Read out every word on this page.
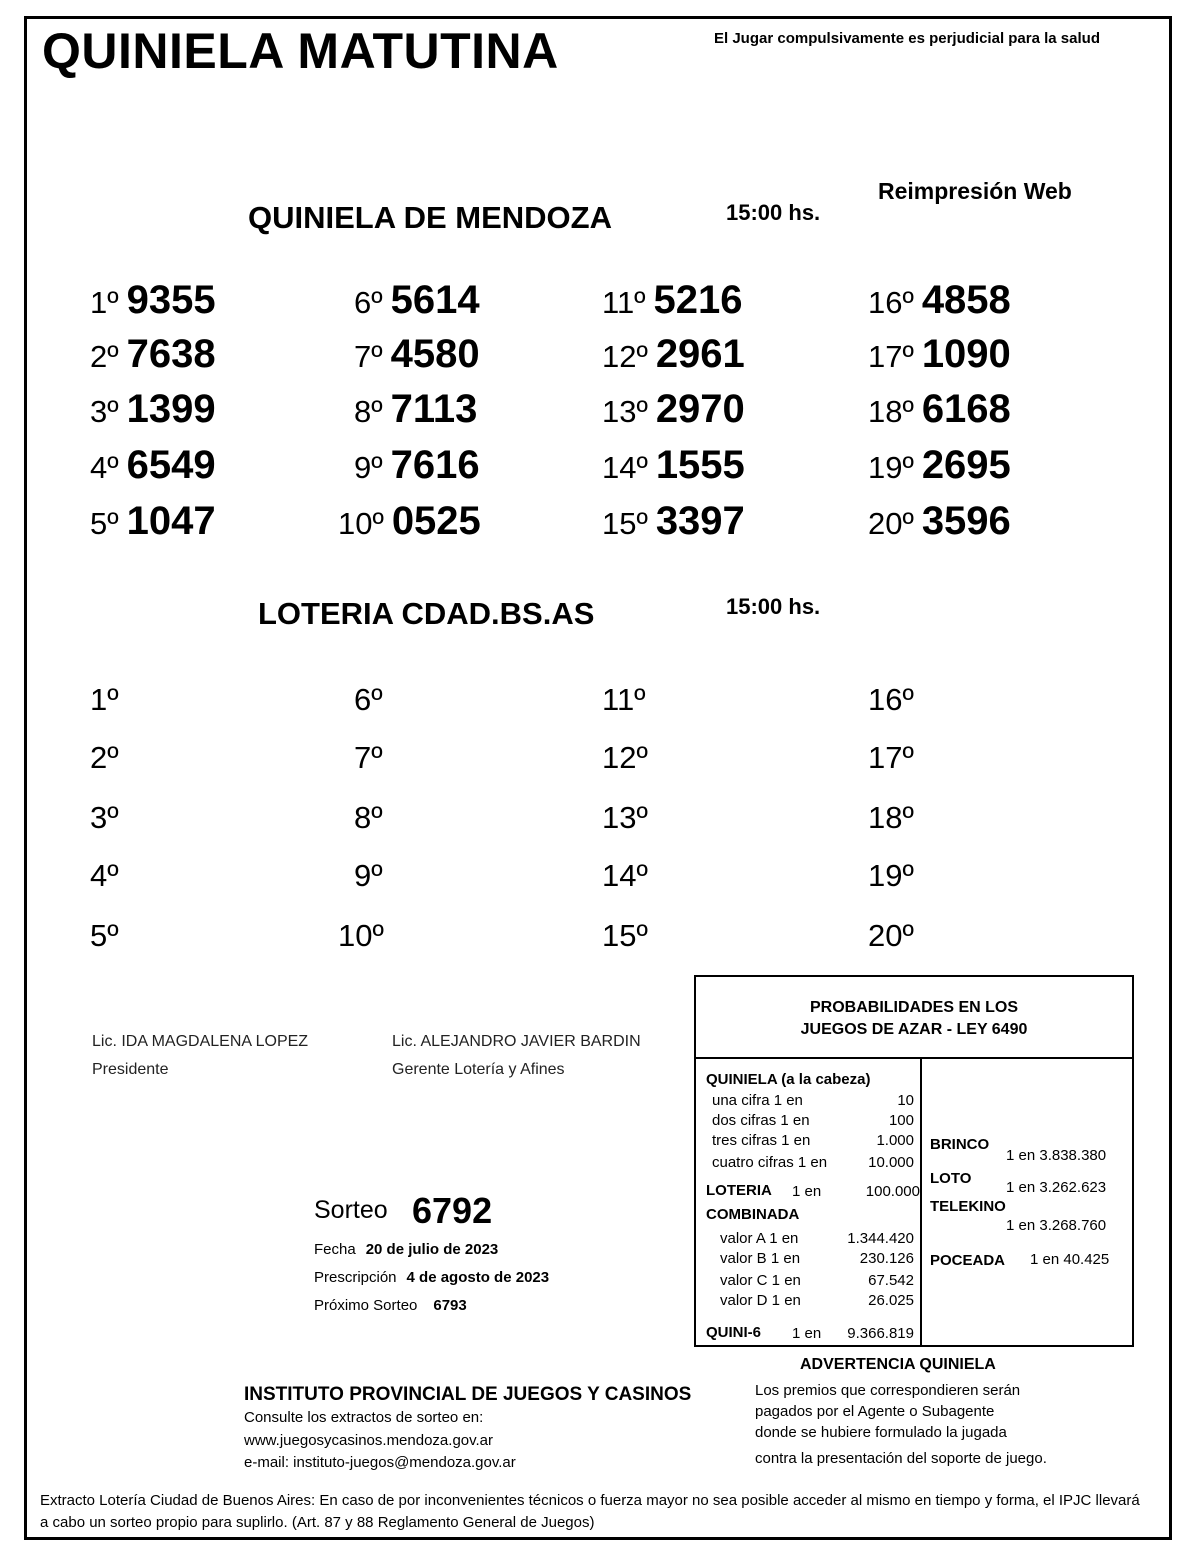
QUINIELA MATUTINA	El Jugar compulsivamente es perjudicial para la salud
Reimpresión Web
QUINIELA DE MENDOZA	15:00 hs.
1º 9355
2º 7638
3º 1399
4º 6549
5º 1047
6º 5614
7º 4580
8º 7113
9º 7616
10º 0525
11º 5216
12º 2961
13º 2970
14º 1555
15º 3397
16º 4858
17º 1090
18º 6168
19º 2695
20º 3596
LOTERIA CDAD.BS.AS	15:00 hs.
1º
2º
3º
4º
5º
6º
7º
8º
9º
10º
11º
12º
13º
14º
15º
16º
17º
18º
19º
20º
Lic. IDA MAGDALENA LOPEZ
Presidente
Lic. ALEJANDRO JAVIER BARDIN
Gerente Lotería y Afines
Sorteo 6792
Fecha 20 de julio de 2023
Prescripción 4 de agosto de 2023
Próximo Sorteo 6793
PROBABILIDADES EN LOS
JUEGOS DE AZAR - LEY 6490
QUINIELA (a la cabeza)
una cifra 1 en	10
dos cifras 1 en	100
tres cifras 1 en	1.000
cuatro cifras 1 en	10.000
LOTERIA 1 en	100.000
COMBINADA
valor A 1 en	1.344.420
valor B 1 en	230.126
valor C 1 en	67.542
valor D 1 en	26.025
QUINI-6 1 en	9.366.819
BRINCO
1 en 3.838.380
LOTO
1 en 3.262.623
TELEKINO
1 en 3.268.760
POCEADA 1 en 40.425
ADVERTENCIA QUINIELA
Los premios que correspondieren serán
pagados por el Agente o Subagente
donde se hubiere formulado la jugada
contra la presentación del soporte de juego.
INSTITUTO PROVINCIAL DE JUEGOS Y CASINOS
Consulte los extractos de sorteo en:
www.juegosycasinos.mendoza.gov.ar
e-mail: instituto-juegos@mendoza.gov.ar
Extracto Lotería Ciudad de Buenos Aires: En caso de por inconvenientes técnicos o fuerza mayor no sea posible acceder al mismo en tiempo y forma, el IPJC llevará a cabo un sorteo propio para suplirlo. (Art. 87 y 88 Reglamento General de Juegos)
